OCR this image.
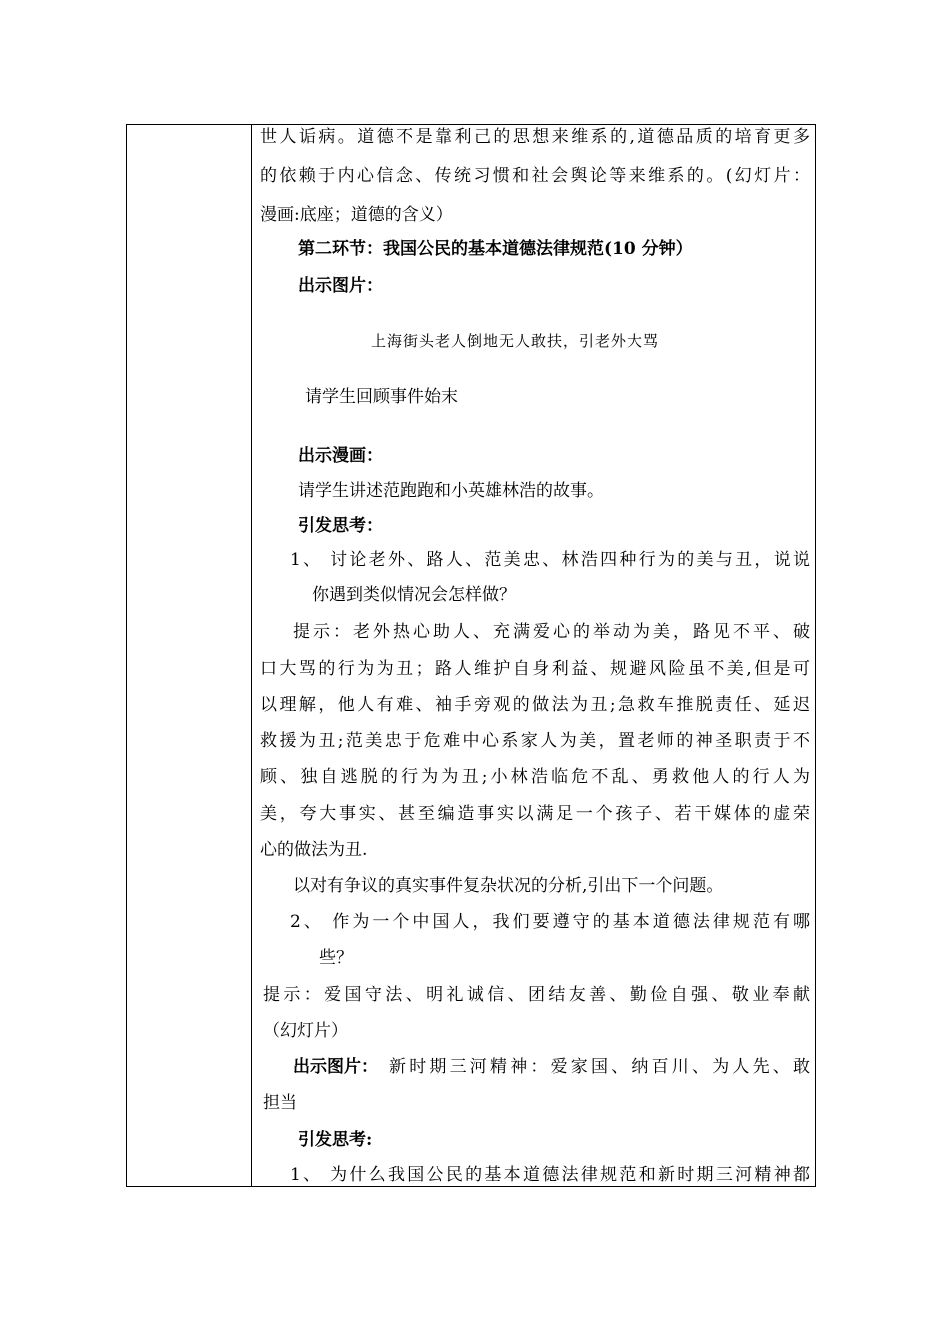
世人诟病。道德不是靠利己的思想来维系的,道德品质的培育更多
的依赖于内心信念、传统习惯和社会舆论等来维系的。(幻灯片：
漫画:底座；道德的含义）
第二环节：我国公民的基本道德法律规范(10 分钟）
出示图片：
上海街头老人倒地无人敢扶，引老外大骂
请学生回顾事件始末
出示漫画：
请学生讲述范跑跑和小英雄林浩的故事。
引发思考：
1、 讨论老外、路人、范美忠、林浩四种行为的美与丑，说说
你遇到类似情况会怎样做？
提示：老外热心助人、充满爱心的举动为美，路见不平、破
口大骂的行为为丑；路人维护自身利益、规避风险虽不美,但是可
以理解，他人有难、袖手旁观的做法为丑;急救车推脱责任、延迟
救援为丑;范美忠于危难中心系家人为美，置老师的神圣职责于不
顾、独自逃脱的行为为丑;小林浩临危不乱、勇救他人的行人为
美，夸大事实、甚至编造事实以满足一个孩子、若干媒体的虚荣
心的做法为丑.
以对有争议的真实事件复杂状况的分析,引出下一个问题。
2、 作为一个中国人，我们要遵守的基本道德法律规范有哪
些？
提示：爱国守法、明礼诚信、团结友善、勤俭自强、敬业奉献
（幻灯片）
出示图片： 新时期三河精神：爱家国、纳百川、为人先、敢
担当
引发思考:
1、 为什么我国公民的基本道德法律规范和新时期三河精神都
